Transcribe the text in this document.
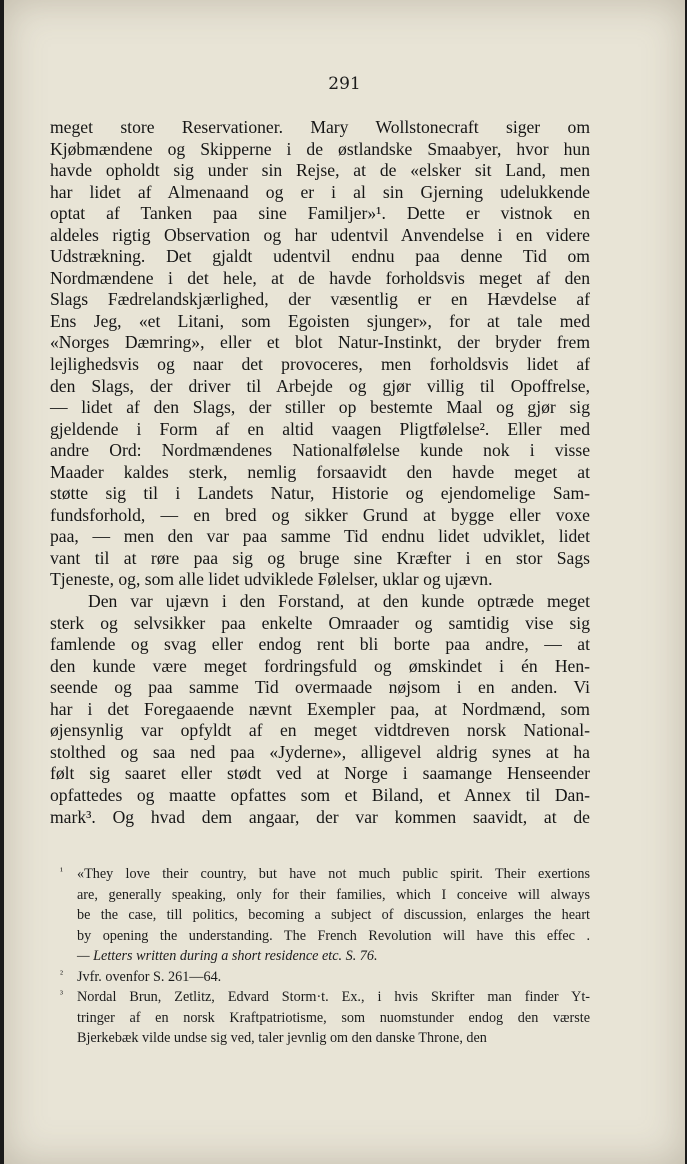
291
meget store Reservationer. Mary Wollstonecraft siger om
Kjøbmændene og Skipperne i de østlandske Smaabyer, hvor hun
havde opholdt sig under sin Rejse, at de «elsker sit Land, men
har lidet af Almenaand og er i al sin Gjerning udelukkende
optat af Tanken paa sine Familjer»¹. Dette er vistnok en
aldeles rigtig Observation og har udentvil Anvendelse i en videre
Udstrækning. Det gjaldt udentvil endnu paa denne Tid om
Nordmændene i det hele, at de havde forholdsvis meget af den
Slags Fædrelandskjærlighed, der væsentlig er en Hævdelse af
Ens Jeg, «et Litani, som Egoisten sjunger», for at tale med
«Norges Dæmring», eller et blot Natur-Instinkt, der bryder frem
lejlighedsvis og naar det provoceres, men forholdsvis lidet af
den Slags, der driver til Arbejde og gjør villig til Opoffrelse,
— lidet af den Slags, der stiller op bestemte Maal og gjør sig
gjeldende i Form af en altid vaagen Pligtfølelse². Eller med
andre Ord: Nordmændenes Nationalfølelse kunde nok i visse
Maader kaldes sterk, nemlig forsaavidt den havde meget at
støtte sig til i Landets Natur, Historie og ejendomelige Sam-
fundsforhold, — en bred og sikker Grund at bygge eller voxe
paa, — men den var paa samme Tid endnu lidet udviklet, lidet
vant til at røre paa sig og bruge sine Kræfter i en stor Sags
Tjeneste, og, som alle lidet udviklede Følelser, uklar og ujævn.
Den var ujævn i den Forstand, at den kunde optræde meget
sterk og selvsikker paa enkelte Omraader og samtidig vise sig
famlende og svag eller endog rent bli borte paa andre, — at
den kunde være meget fordringsfuld og ømskindet i én Hen-
seende og paa samme Tid overmaade nøjsom i en anden. Vi
har i det Foregaaende nævnt Exempler paa, at Nordmænd, som
øjensynlig var opfyldt af en meget vidtdreven norsk National-
stolthed og saa ned paa «Jyderne», alligevel aldrig synes at ha
følt sig saaret eller stødt ved at Norge i saamange Henseender
opfattedes og maatte opfattes som et Biland, et Annex til Dan-
mark³. Og hvad dem angaar, der var kommen saavidt, at de
¹ «They love their country, but have not much public spirit. Their exertions
are, generally speaking, only for their families, which I conceive will always
be the case, till politics, becoming a subject of discussion, enlarges the heart
by opening the understanding. The French Revolution will have this effec .
— Letters written during a short residence etc. S. 76.
² Jvfr. ovenfor S. 261—64.
³ Nordal Brun, Zetlitz, Edvard Storm·t. Ex., i hvis Skrifter man finder Yt-
tringer af en norsk Kraftpatriotisme, som nuomstunder endog den værste
Bjerkebæk vilde undse sig ved, taler jevnlig om den danske Throne, den
